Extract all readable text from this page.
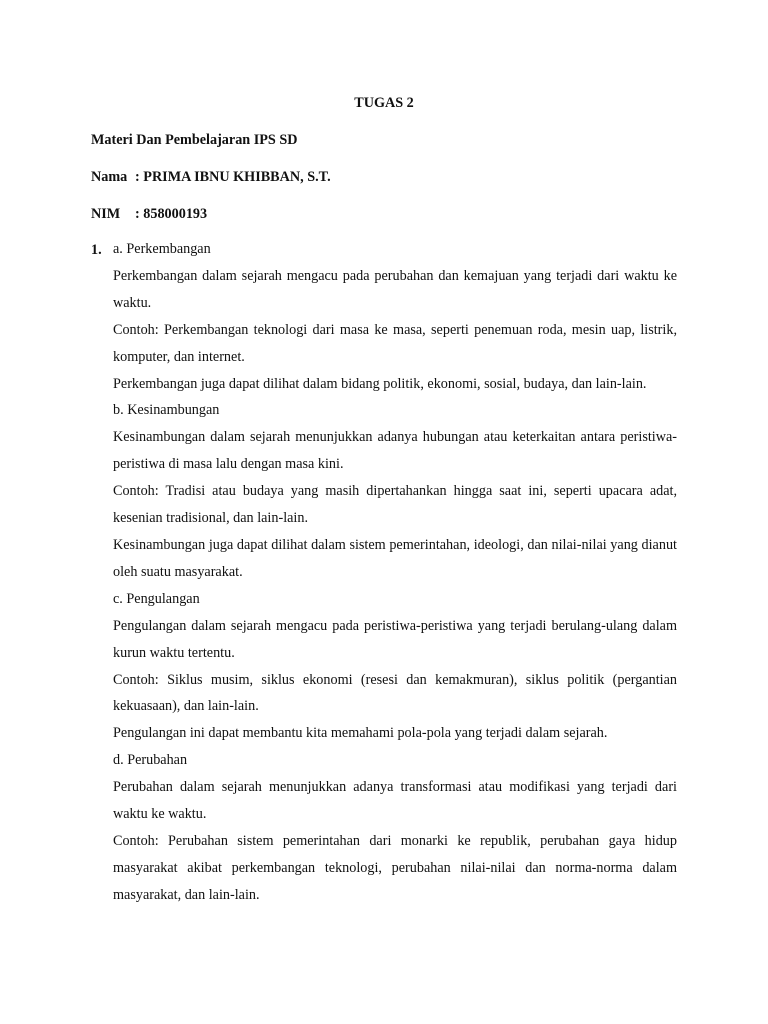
TUGAS 2
Materi Dan Pembelajaran IPS SD
Nama : PRIMA IBNU KHIBBAN, S.T.
NIM : 858000193
1. a. Perkembangan

Perkembangan dalam sejarah mengacu pada perubahan dan kemajuan yang terjadi dari waktu ke waktu.

Contoh: Perkembangan teknologi dari masa ke masa, seperti penemuan roda, mesin uap, listrik, komputer, dan internet.

Perkembangan juga dapat dilihat dalam bidang politik, ekonomi, sosial, budaya, dan lain-lain.

b. Kesinambungan

Kesinambungan dalam sejarah menunjukkan adanya hubungan atau keterkaitan antara peristiwa-peristiwa di masa lalu dengan masa kini.

Contoh: Tradisi atau budaya yang masih dipertahankan hingga saat ini, seperti upacara adat, kesenian tradisional, dan lain-lain.

Kesinambungan juga dapat dilihat dalam sistem pemerintahan, ideologi, dan nilai-nilai yang dianut oleh suatu masyarakat.

c. Pengulangan

Pengulangan dalam sejarah mengacu pada peristiwa-peristiwa yang terjadi berulang-ulang dalam kurun waktu tertentu.

Contoh: Siklus musim, siklus ekonomi (resesi dan kemakmuran), siklus politik (pergantian kekuasaan), dan lain-lain.

Pengulangan ini dapat membantu kita memahami pola-pola yang terjadi dalam sejarah.

d. Perubahan

Perubahan dalam sejarah menunjukkan adanya transformasi atau modifikasi yang terjadi dari waktu ke waktu.

Contoh: Perubahan sistem pemerintahan dari monarki ke republik, perubahan gaya hidup masyarakat akibat perkembangan teknologi, perubahan nilai-nilai dan norma-norma dalam masyarakat, dan lain-lain.
